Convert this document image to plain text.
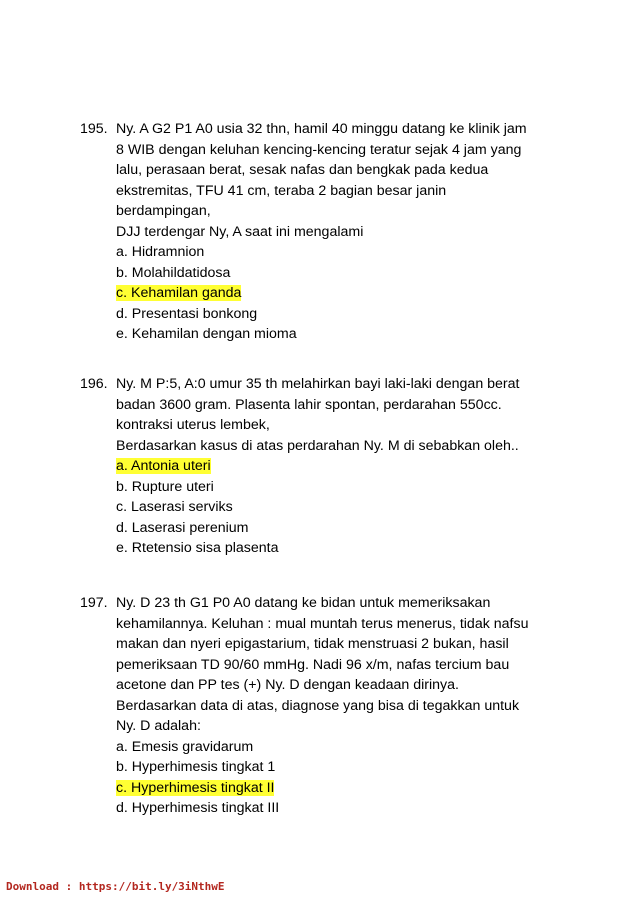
195. Ny. A G2 P1 A0 usia 32 thn, hamil 40 minggu datang ke klinik jam
8 WIB dengan keluhan kencing-kencing teratur sejak 4 jam yang
lalu, perasaan berat, sesak nafas dan bengkak pada kedua
ekstremitas, TFU 41 cm, teraba 2 bagian besar janin
berdampingan,
DJJ terdengar Ny, A saat ini mengalami
a. Hidramnion
b. Molahildatidosa
c. Kehamilan ganda
d. Presentasi bonkong
e. Kehamilan dengan mioma
196. Ny. M P:5, A:0 umur 35 th melahirkan bayi laki-laki dengan berat
badan 3600 gram. Plasenta lahir spontan, perdarahan 550cc.
kontraksi uterus lembek,
Berdasarkan kasus di atas perdarahan Ny. M di sebabkan oleh..
a. Antonia uteri
b. Rupture uteri
c. Laserasi serviks
d. Laserasi perenium
e. Rtetensio sisa plasenta
197. Ny. D 23 th G1 P0 A0 datang ke bidan untuk memeriksakan
kehamilannya. Keluhan : mual muntah terus menerus, tidak nafsu
makan dan nyeri epigastarium, tidak menstruasi 2 bukan, hasil
pemeriksaan TD 90/60 mmHg. Nadi 96 x/m, nafas tercium bau
acetone dan PP tes (+) Ny. D dengan keadaan dirinya.
Berdasarkan data di atas, diagnose yang bisa di tegakkan untuk
Ny. D adalah:
a. Emesis gravidarum
b. Hyperhimesis tingkat 1
c. Hyperhimesis tingkat II
d. Hyperhimesis tingkat III
Download : https://bit.ly/3iNthwE
